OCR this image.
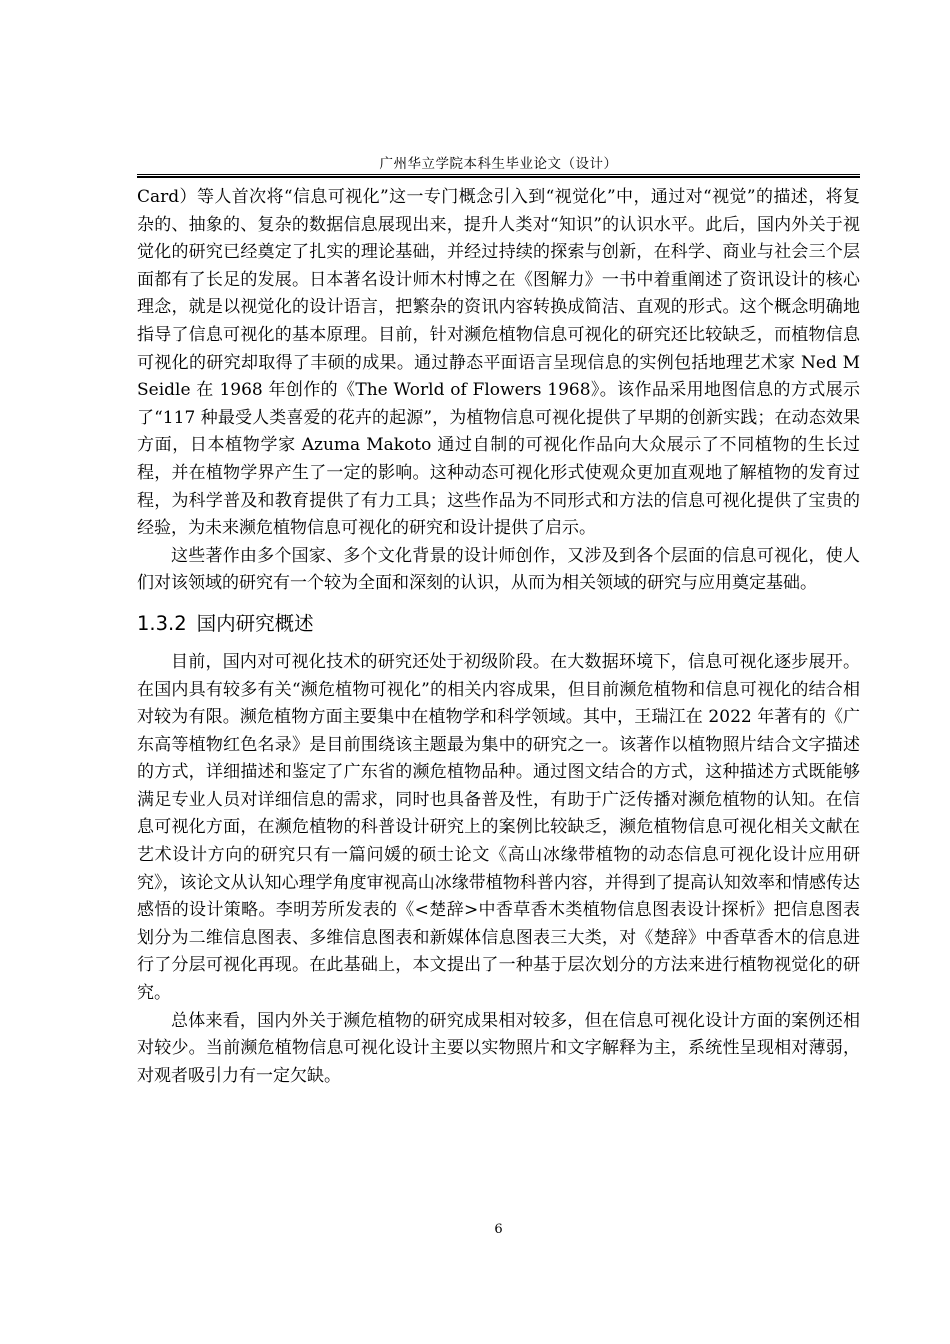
广州华立学院本科生毕业论文（设计）

Card）等人首次将“信息可视化”这一专门概念引入到“视觉化”中，通过对“视觉”的描述，将复杂的、抽象的、复杂的数据信息展现出来，提升人类对“知识”的认识水平。此后，国内外关于视觉化的研究已经奠定了扎实的理论基础，并经过持续的探索与创新，在科学、商业与社会三个层面都有了长足的发展。日本著名设计师木村博之在《图解力》一书中着重阐述了资讯设计的核心理念，就是以视觉化的设计语言，把繁杂的资讯内容转换成简洁、直观的形式。这个概念明确地指导了信息可视化的基本原理。目前，针对濒危植物信息可视化的研究还比较缺乏，而植物信息可视化的研究却取得了丰硕的成果。通过静态平面语言呈现信息的实例包括地理艺术家 Ned M Seidle 在 1968 年创作的《The World of Flowers 1968》。该作品采用地图信息的方式展示了“117 种最受人类喜爱的花卉的起源”，为植物信息可视化提供了早期的创新实践；在动态效果方面，日本植物学家 Azuma Makoto 通过自制的可视化作品向大众展示了不同植物的生长过程，并在植物学界产生了一定的影响。这种动态可视化形式使观众更加直观地了解植物的发育过程，为科学普及和教育提供了有力工具；这些作品为不同形式和方法的信息可视化提供了宝贵的经验，为未来濒危植物信息可视化的研究和设计提供了启示。

这些著作由多个国家、多个文化背景的设计师创作，又涉及到各个层面的信息可视化，使人们对该领域的研究有一个较为全面和深刻的认识，从而为相关领域的研究与应用奠定基础。

1.3.2 国内研究概述

目前，国内对可视化技术的研究还处于初级阶段。在大数据环境下，信息可视化逐步展开。在国内具有较多有关“濒危植物可视化”的相关内容成果，但目前濒危植物和信息可视化的结合相对较为有限。濒危植物方面主要集中在植物学和科学领域。其中，王瑞江在 2022 年著有的《广东高等植物红色名录》是目前围绕该主题最为集中的研究之一。该著作以植物照片结合文字描述的方式，详细描述和鉴定了广东省的濒危植物品种。通过图文结合的方式，这种描述方式既能够满足专业人员对详细信息的需求，同时也具备普及性，有助于广泛传播对濒危植物的认知。在信息可视化方面，在濒危植物的科普设计研究上的案例比较缺乏，濒危植物信息可视化相关文献在艺术设计方向的研究只有一篇问媛的硕士论文《高山冰缘带植物的动态信息可视化设计应用研究》，该论文从认知心理学角度审视高山冰缘带植物科普内容，并得到了提高认知效率和情感传达感悟的设计策略。李明芳所发表的《<楚辞>中香草香木类植物信息图表设计探析》把信息图表划分为二维信息图表、多维信息图表和新媒体信息图表三大类，对《楚辞》中香草香木的信息进行了分层可视化再现。在此基础上，本文提出了一种基于层次划分的方法来进行植物视觉化的研究。

总体来看，国内外关于濒危植物的研究成果相对较多，但在信息可视化设计方面的案例还相对较少。当前濒危植物信息可视化设计主要以实物照片和文字解释为主，系统性呈现相对薄弱，对观者吸引力有一定欠缺。

6
